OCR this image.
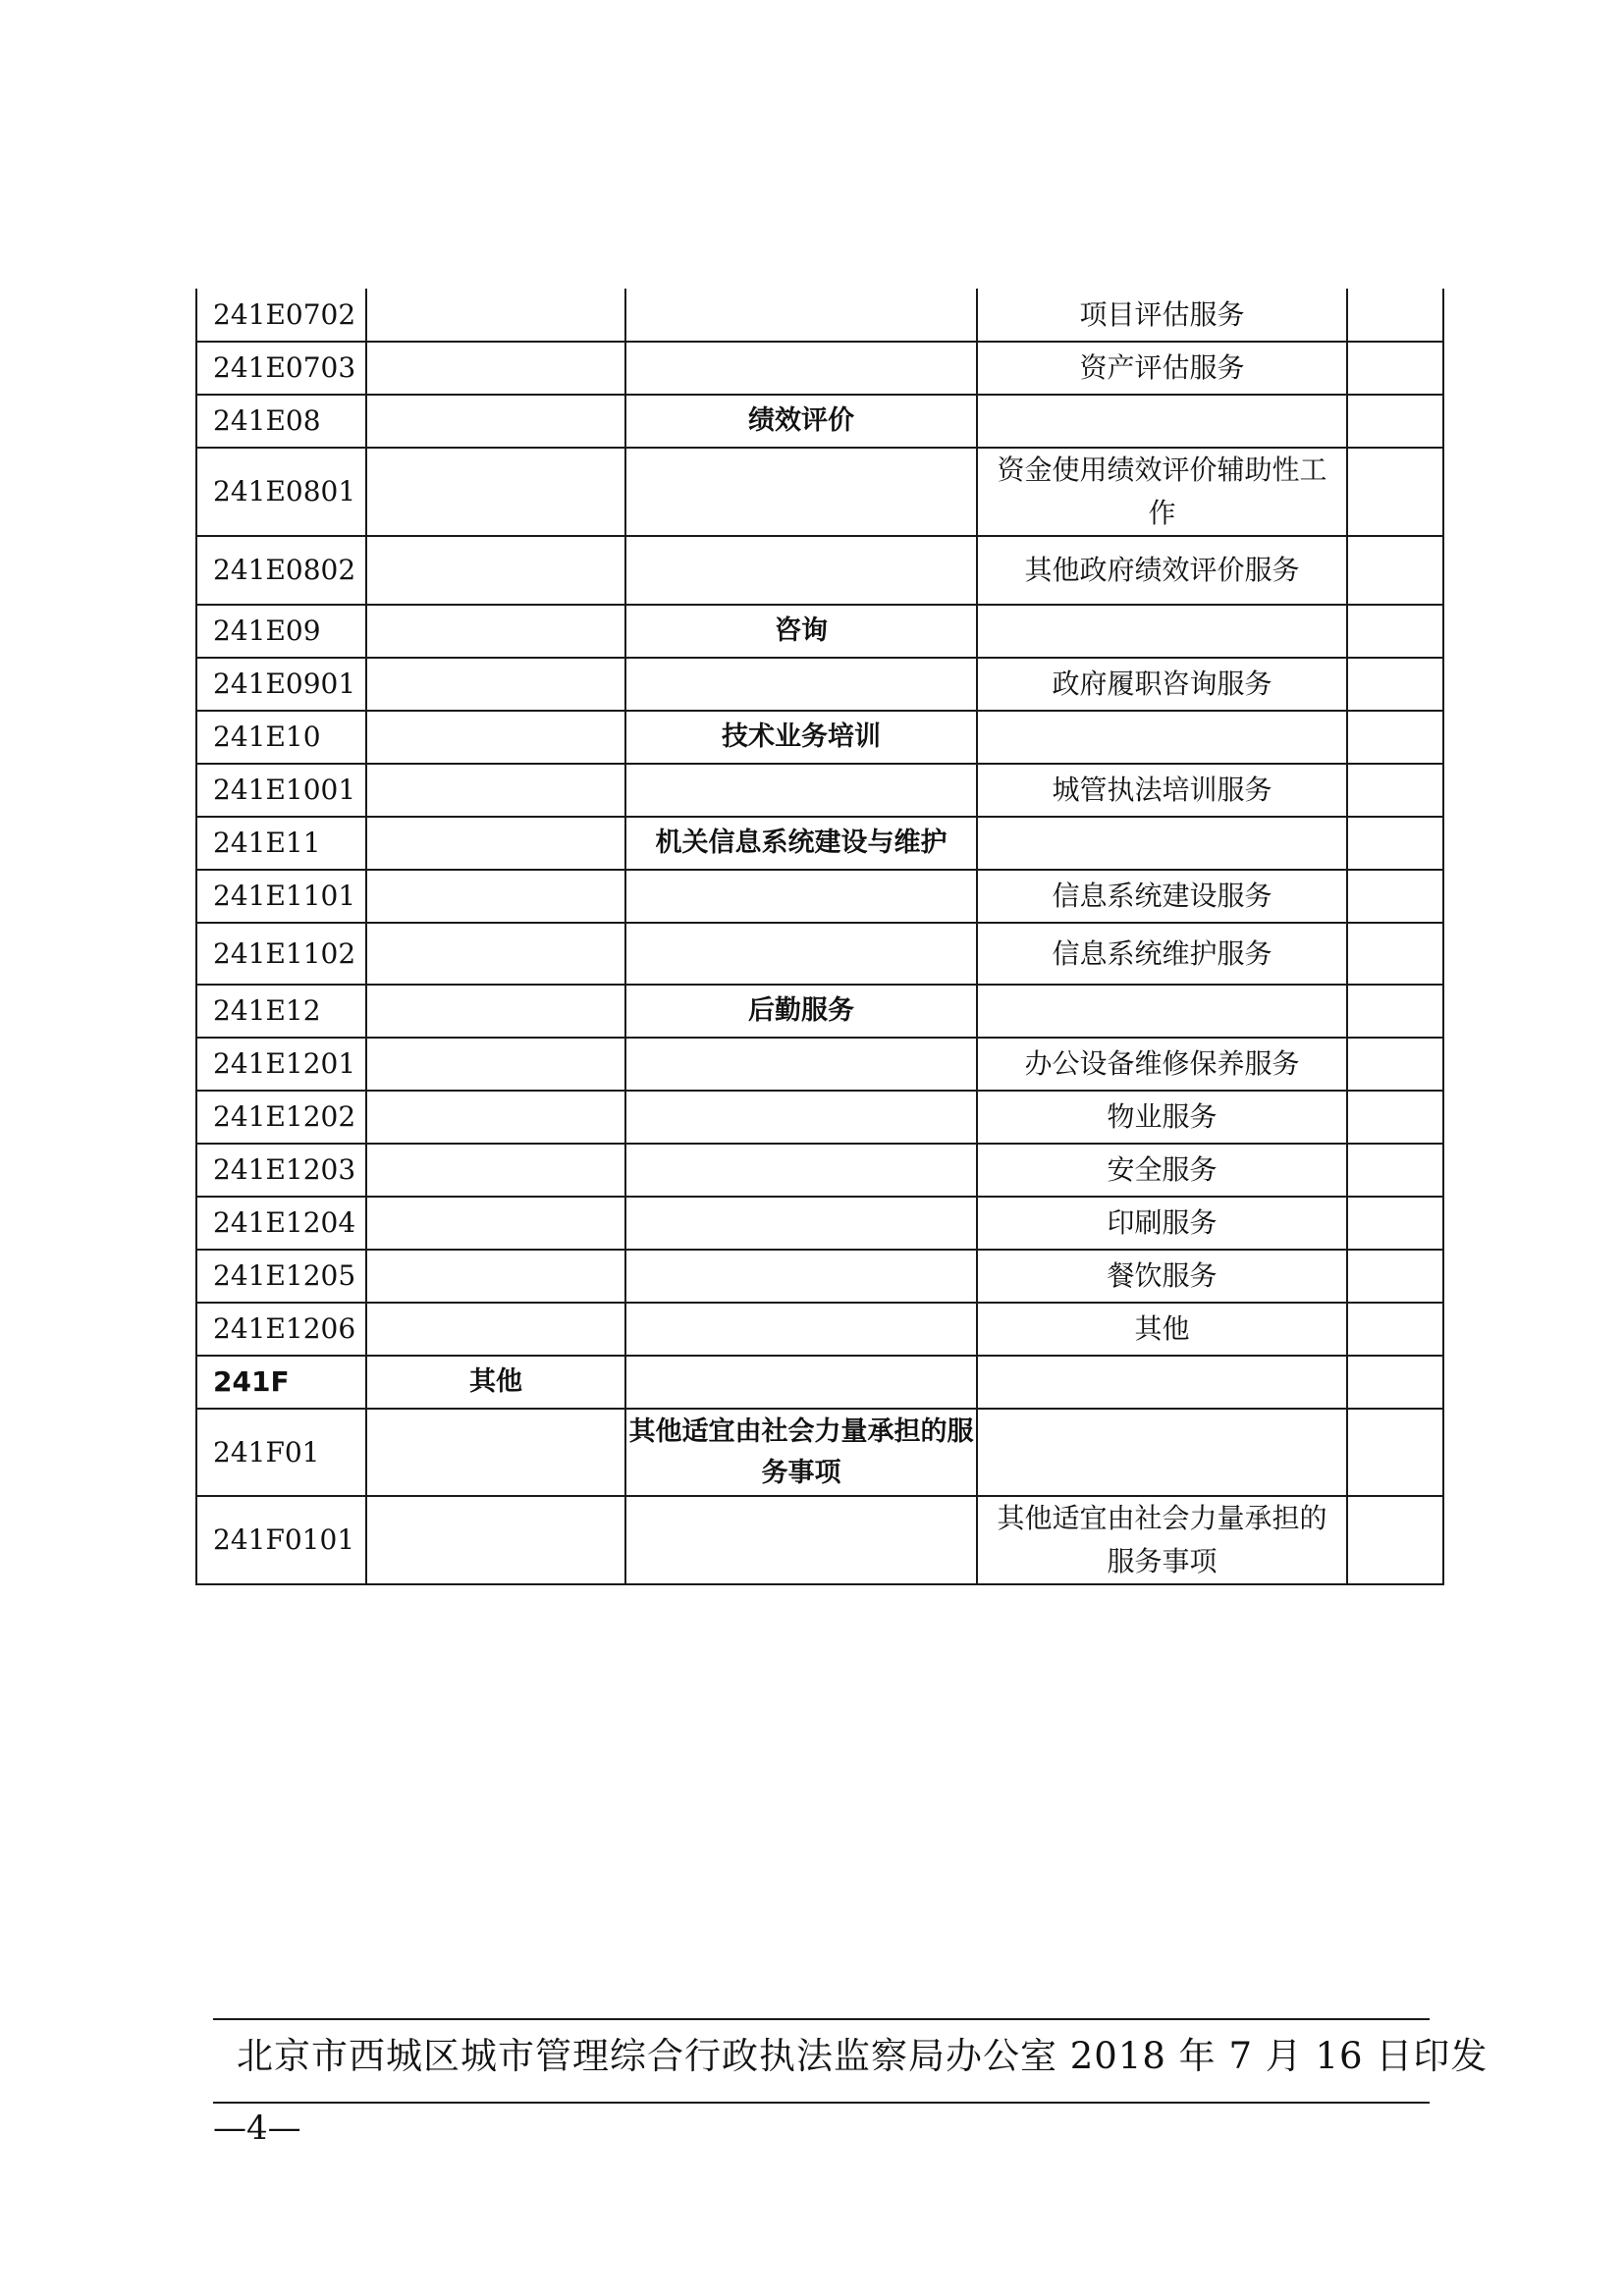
241E0702			项目评估服务	
241E0703			资产评估服务	
241E08		绩效评价		
241E0801			资金使用绩效评价辅助性工作	
241E0802			其他政府绩效评价服务	
241E09		咨询		
241E0901			政府履职咨询服务	
241E10		技术业务培训		
241E1001			城管执法培训服务	
241E11		机关信息系统建设与维护		
241E1101			信息系统建设服务	
241E1102			信息系统维护服务	
241E12		后勤服务		
241E1201			办公设备维修保养服务	
241E1202			物业服务	
241E1203			安全服务	
241E1204			印刷服务	
241E1205			餐饮服务	
241E1206			其他	
241F	其他			
241F01		其他适宜由社会力量承担的服务事项		
241F0101			其他适宜由社会力量承担的服务事项	
北京市西城区城市管理综合行政执法监察局办公室 2018 年 7 月 16 日印发
—4—
